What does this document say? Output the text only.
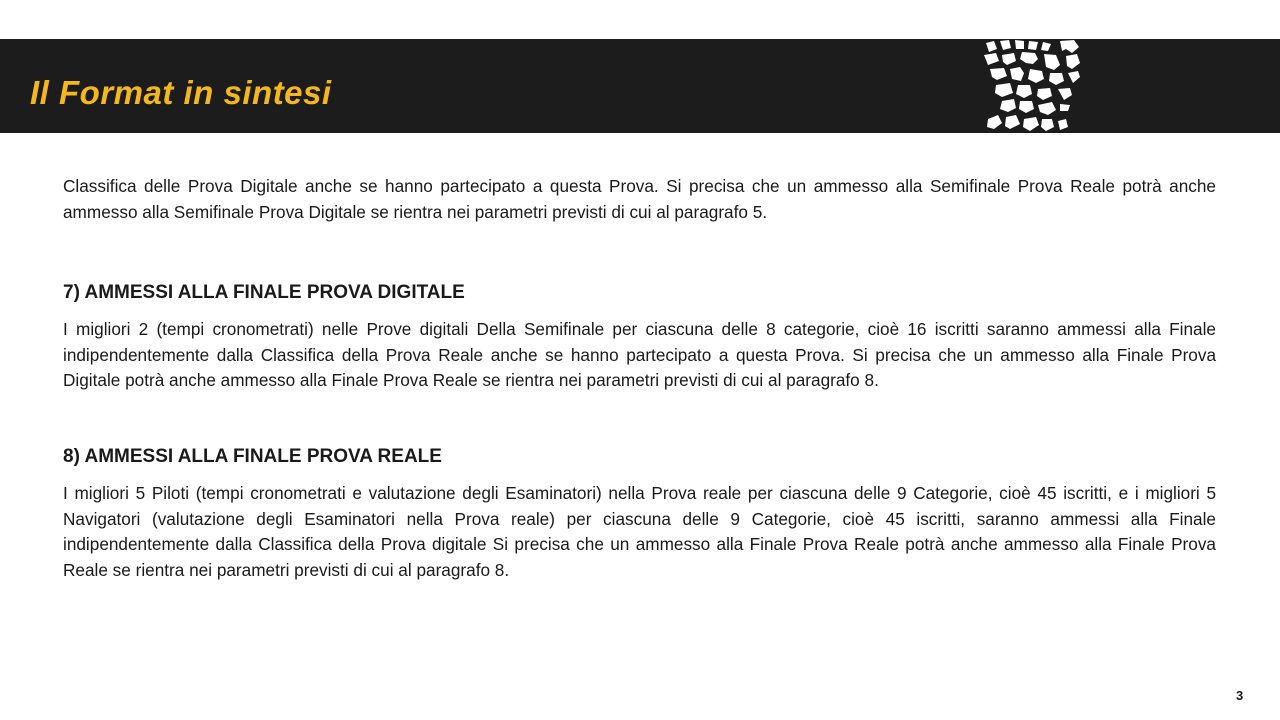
Il Format in sintesi

Classifica delle Prova Digitale anche se hanno partecipato a questa Prova. Si precisa che un ammesso alla Semifinale Prova Reale potrà anche ammesso alla Semifinale Prova Digitale se rientra nei parametri previsti di cui al paragrafo 5.

7) AMMESSI ALLA FINALE PROVA DIGITALE

I migliori 2 (tempi cronometrati) nelle Prove digitali Della Semifinale per ciascuna delle 8 categorie, cioè 16 iscritti saranno ammessi alla Finale indipendentemente dalla Classifica della Prova Reale anche se hanno partecipato a questa Prova. Si precisa che un ammesso alla Finale Prova Digitale potrà anche ammesso alla Finale Prova Reale se rientra nei parametri previsti di cui al paragrafo 8.

8) AMMESSI ALLA FINALE PROVA REALE

I migliori 5 Piloti (tempi cronometrati e valutazione degli Esaminatori) nella Prova reale per ciascuna delle 9 Categorie, cioè 45 iscritti, e i migliori 5 Navigatori (valutazione degli Esaminatori nella Prova reale) per ciascuna delle 9 Categorie, cioè 45 iscritti, saranno ammessi alla Finale indipendentemente dalla Classifica della Prova digitale Si precisa che un ammesso alla Finale Prova Reale potrà anche ammesso alla Finale Prova Reale se rientra nei parametri previsti di cui al paragrafo 8.

3
